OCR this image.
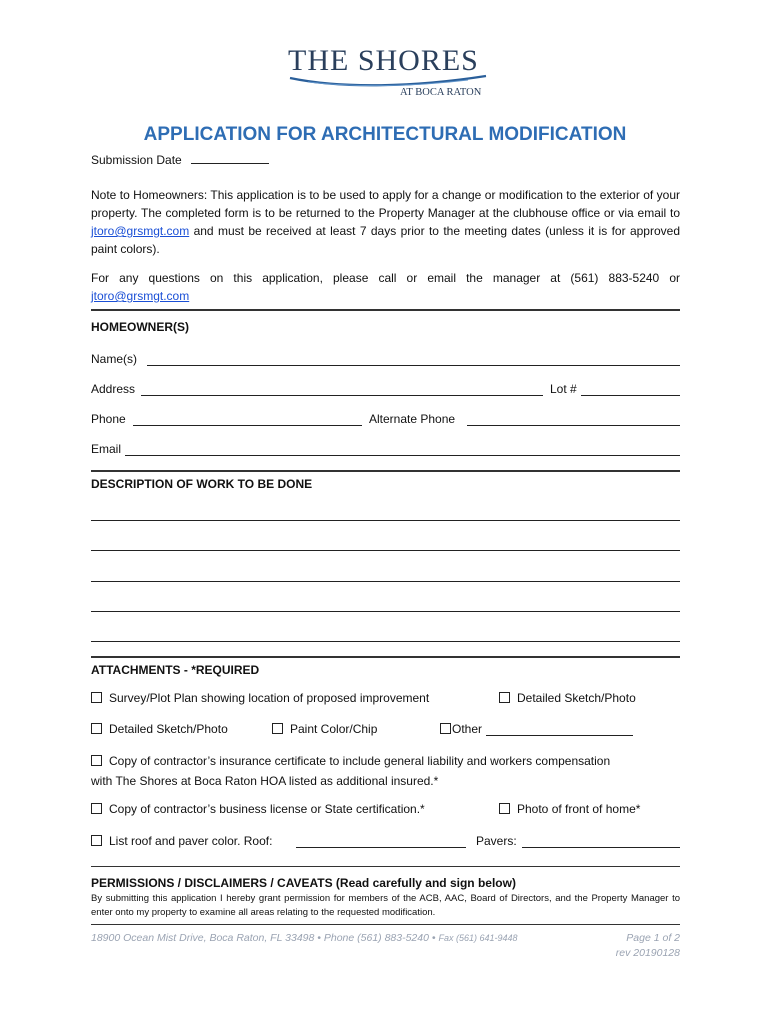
THE SHORES
AT BOCA RATON
APPLICATION FOR ARCHITECTURAL MODIFICATION
Submission Date
Note to Homeowners: This application is to be used to apply for a change or modification to the exterior of your property. The completed form is to be returned to the Property Manager at the clubhouse office or via email to jtoro@grsmgt.com and must be received at least 7 days prior to the meeting dates (unless it is for approved paint colors).
For any questions on this application, please call or email the manager at (561) 883-5240 or jtoro@grsmgt.com
HOMEOWNER(S)
Name(s)
Address	Lot #
Phone	Alternate Phone
Email
DESCRIPTION OF WORK TO BE DONE
ATTACHMENTS - *REQUIRED
Survey/Plot Plan showing location of proposed improvement	Detailed Sketch/Photo
Detailed Sketch/Photo	Paint Color/Chip	Other
Copy of contractor’s insurance certificate to include general liability and workers compensation
with The Shores at Boca Raton HOA listed as additional insured.*
Copy of contractor’s business license or State certification.*	Photo of front of home*
List roof and paver color. Roof:	Pavers:
PERMISSIONS / DISCLAIMERS / CAVEATS (Read carefully and sign below)
By submitting this application I hereby grant permission for members of the ACB, AAC, Board of Directors, and the Property Manager to enter onto my property to examine all areas relating to the requested modification.
18900 Ocean Mist Drive, Boca Raton, FL 33498 • Phone (561) 883-5240 • Fax (561) 641-9448	Page 1 of 2
rev 20190128
